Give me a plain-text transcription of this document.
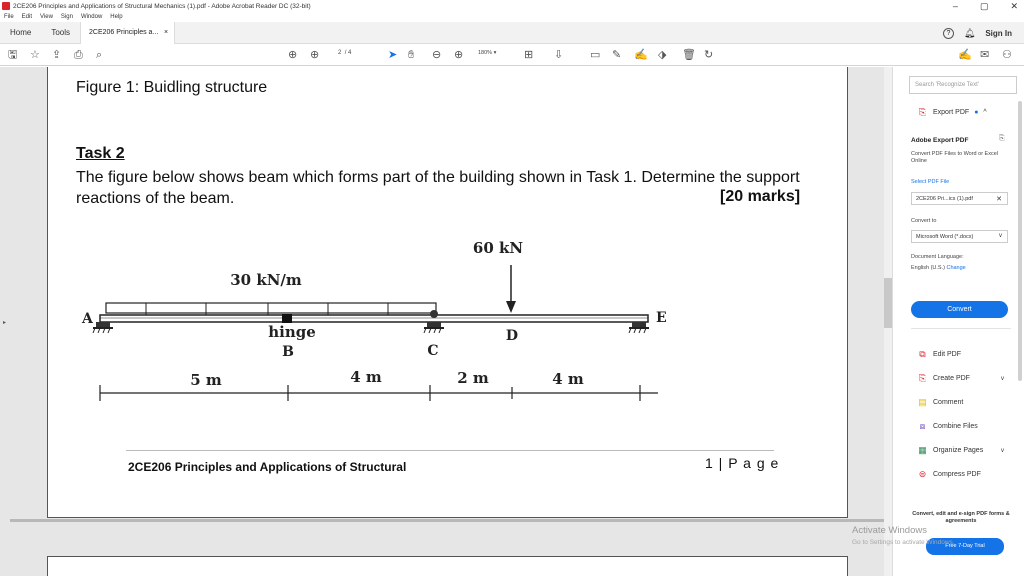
2CE206 Principles and Applications of Structural Mechanics (1).pdf - Adobe Acrobat Reader DC (32-bit)	– ▢ ✕
File Edit View Sign Window Help
Home	Tools	2CE206 Principles a... ×	?	🔔︎ Sign In
🖫 ☆ ⇪ ⎙ ⌕	⊕ ⊕	2 / 4	➤ ✋︎ ⊖ ⊕	180% ▾	⊞ ⇩ ▭ ✎ ✍ ⬗ 🗑︎ ↻	✍ ✉ ⚇
Figure 1: Buidling structure
Task 2
The figure below shows beam which forms part of the building shown in Task 1. Determine the support reactions of the beam.	[20 marks]
60 kN
30 kN/m
A
hinge
B	C
D
E
5 m	4 m	2 m	4 m
2CE206 Principles and Applications of Structural	1 | P a g e
▸
Search 'Recognize Text'
⎘ Export PDF ● ^
Adobe Export PDF	⎘
Convert PDF Files to Word or Excel Online
Select PDF File
2CE206 Pri...ics (1).pdf	✕
Convert to
Microsoft Word (*.docx)	v
Document Language:
English (U.S.) Change
Convert
⧉	Edit PDF
⎘ Create PDF	v
▤ Comment
⧈	Combine Files
▦ Organize Pages	v
⊜ Compress PDF
Convert, edit and e-sign PDF forms & agreements
Free 7-Day Trial
Activate Windows
Go to Settings to activate Windows.
